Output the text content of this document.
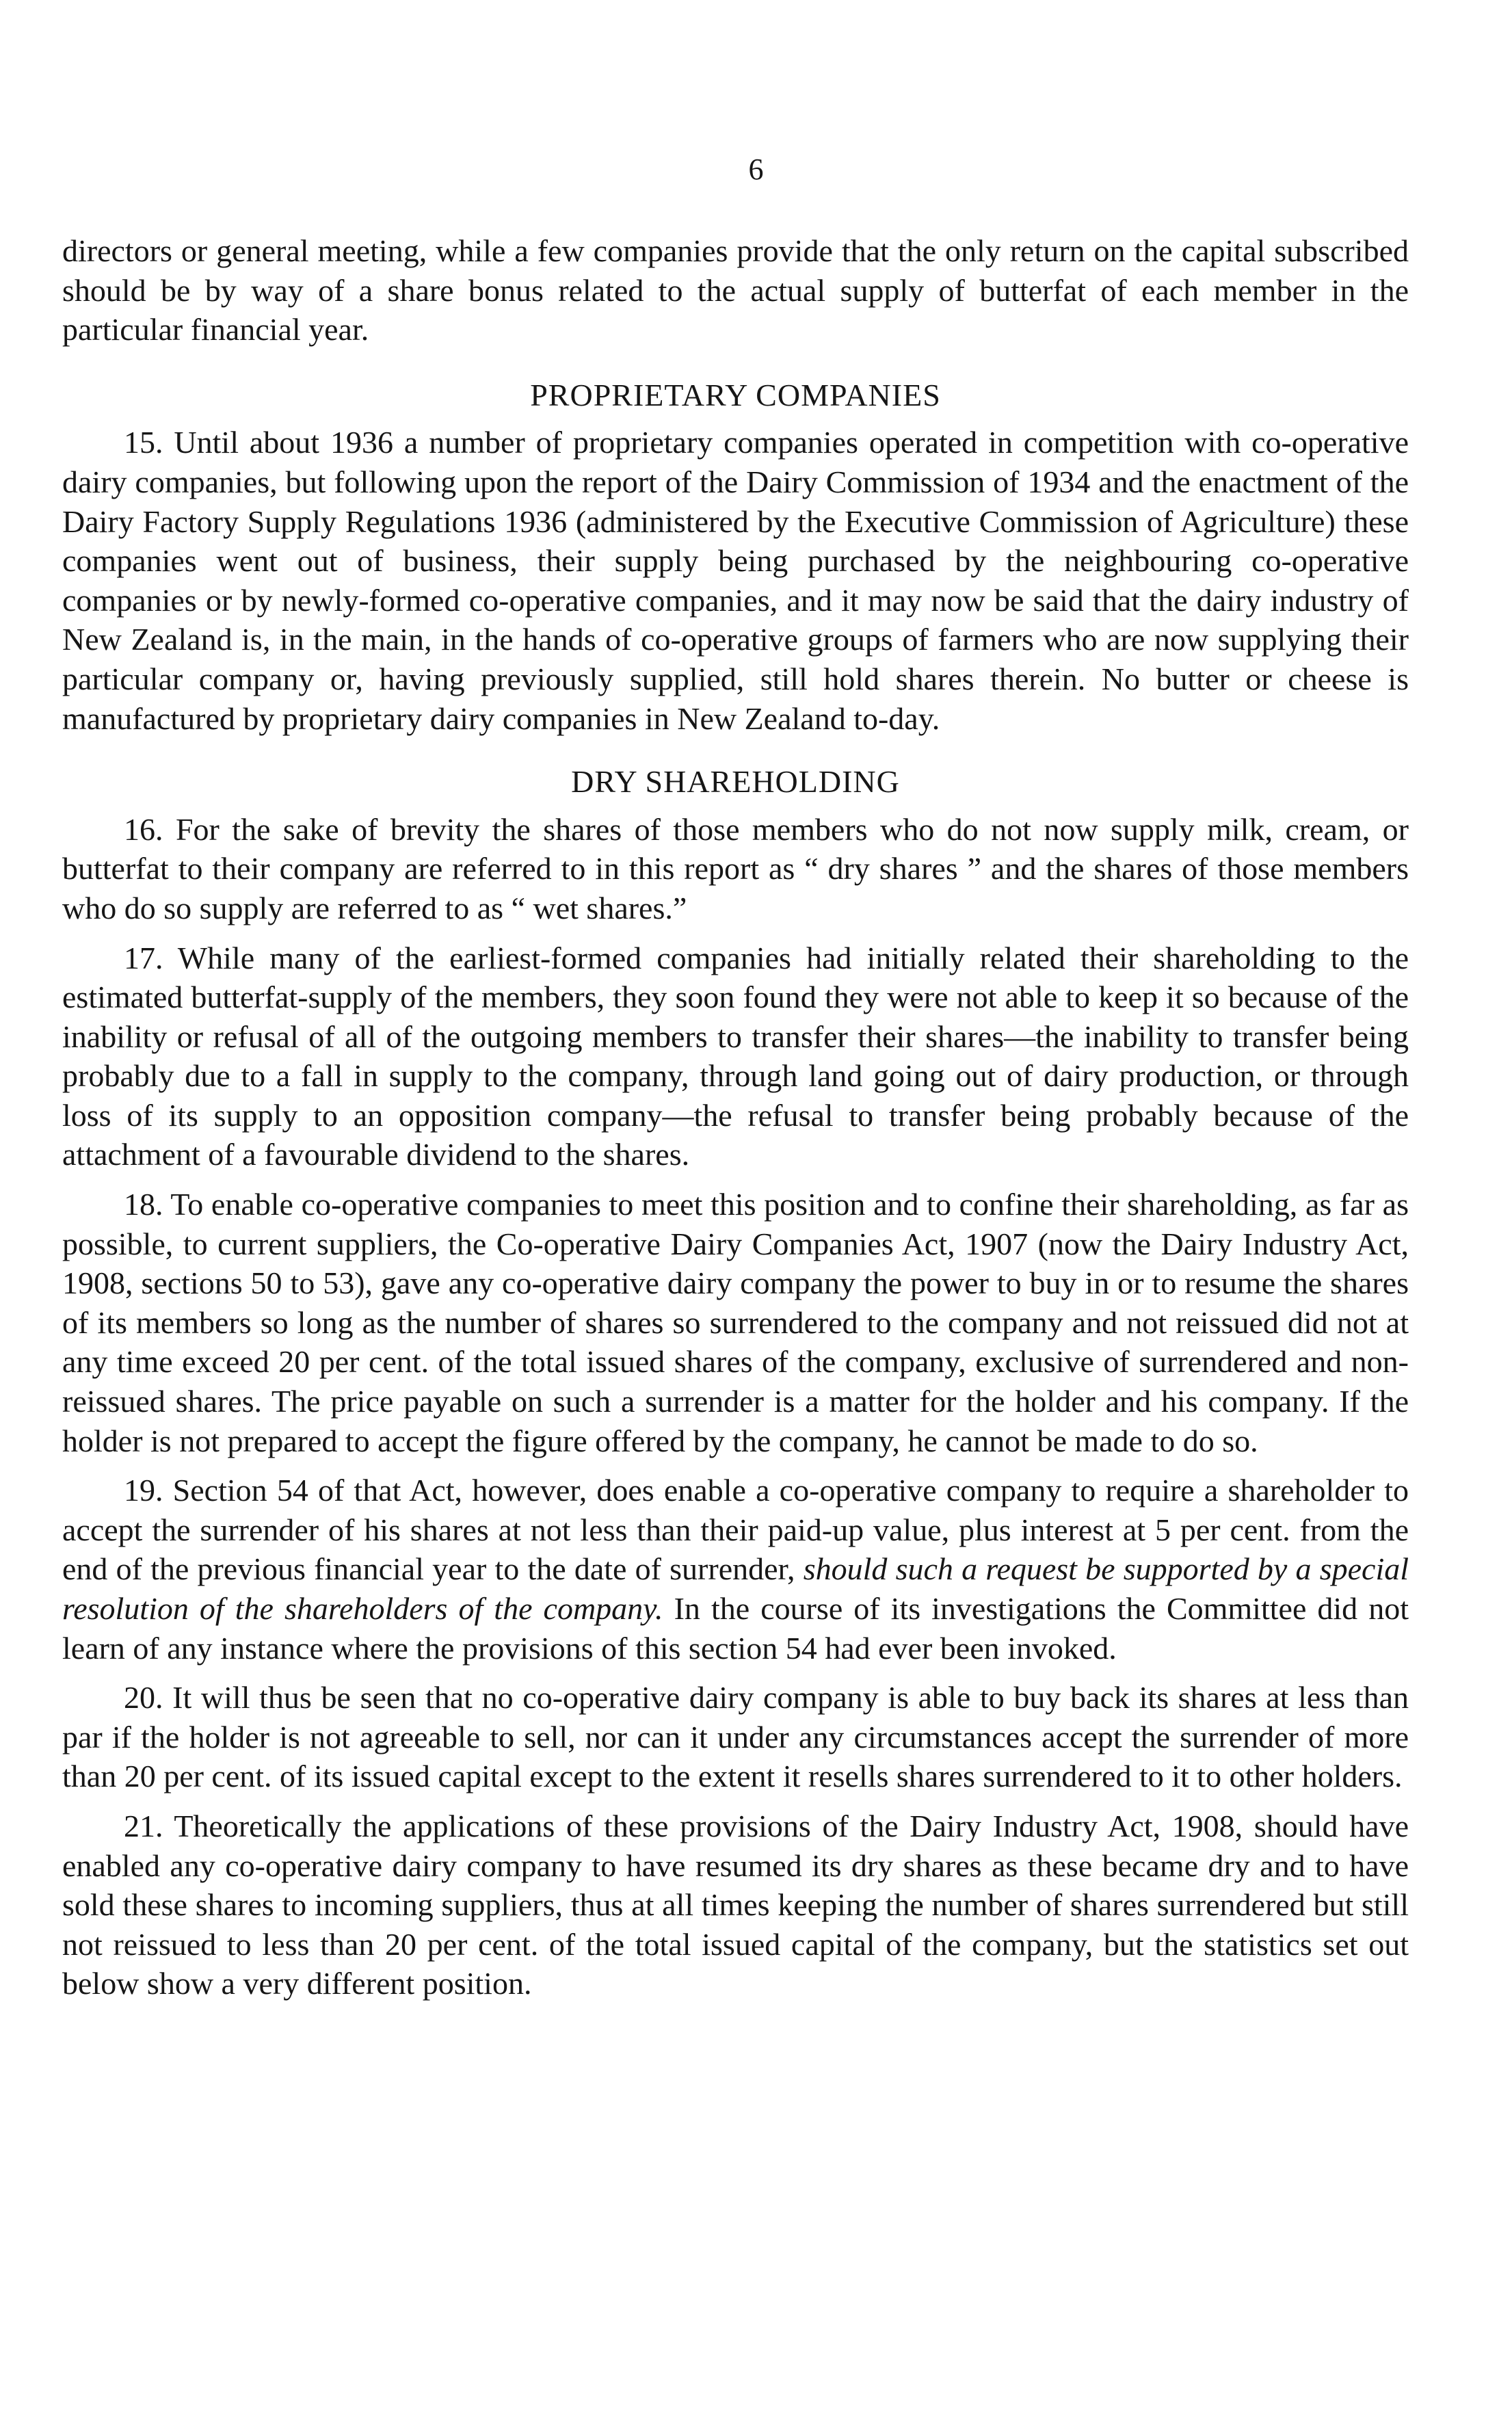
6

directors or general meeting, while a few companies provide that the only return on the capital subscribed should be by way of a share bonus related to the actual supply of butterfat of each member in the particular financial year.

PROPRIETARY COMPANIES

15. Until about 1936 a number of proprietary companies operated in competition with co-operative dairy companies, but following upon the report of the Dairy Commission of 1934 and the enactment of the Dairy Factory Supply Regulations 1936 (administered by the Executive Commission of Agriculture) these companies went out of business, their supply being purchased by the neighbouring co-operative companies or by newly-formed co-operative companies, and it may now be said that the dairy industry of New Zealand is, in the main, in the hands of co-operative groups of farmers who are now supplying their particular company or, having previously supplied, still hold shares therein. No butter or cheese is manufactured by proprietary dairy companies in New Zealand to-day.

DRY SHAREHOLDING

16. For the sake of brevity the shares of those members who do not now supply milk, cream, or butterfat to their company are referred to in this report as “ dry shares ” and the shares of those members who do so supply are referred to as “ wet shares.”

17. While many of the earliest-formed companies had initially related their shareholding to the estimated butterfat-supply of the members, they soon found they were not able to keep it so because of the inability or refusal of all of the outgoing members to transfer their shares—the inability to transfer being probably due to a fall in supply to the company, through land going out of dairy production, or through loss of its supply to an opposition company—the refusal to transfer being probably because of the attachment of a favourable dividend to the shares.

18. To enable co-operative companies to meet this position and to confine their shareholding, as far as possible, to current suppliers, the Co-operative Dairy Companies Act, 1907 (now the Dairy Industry Act, 1908, sections 50 to 53), gave any co-operative dairy company the power to buy in or to resume the shares of its members so long as the number of shares so surrendered to the company and not reissued did not at any time exceed 20 per cent. of the total issued shares of the company, exclusive of surrendered and non-reissued shares. The price payable on such a surrender is a matter for the holder and his company. If the holder is not prepared to accept the figure offered by the company, he cannot be made to do so.

19. Section 54 of that Act, however, does enable a co-operative company to require a shareholder to accept the surrender of his shares at not less than their paid-up value, plus interest at 5 per cent. from the end of the previous financial year to the date of surrender, should such a request be supported by a special resolution of the shareholders of the company. In the course of its investigations the Committee did not learn of any instance where the provisions of this section 54 had ever been invoked.

20. It will thus be seen that no co-operative dairy company is able to buy back its shares at less than par if the holder is not agreeable to sell, nor can it under any circumstances accept the surrender of more than 20 per cent. of its issued capital except to the extent it resells shares surrendered to it to other holders.

21. Theoretically the applications of these provisions of the Dairy Industry Act, 1908, should have enabled any co-operative dairy company to have resumed its dry shares as these became dry and to have sold these shares to incoming suppliers, thus at all times keeping the number of shares surrendered but still not reissued to less than 20 per cent. of the total issued capital of the company, but the statistics set out below show a very different position.
